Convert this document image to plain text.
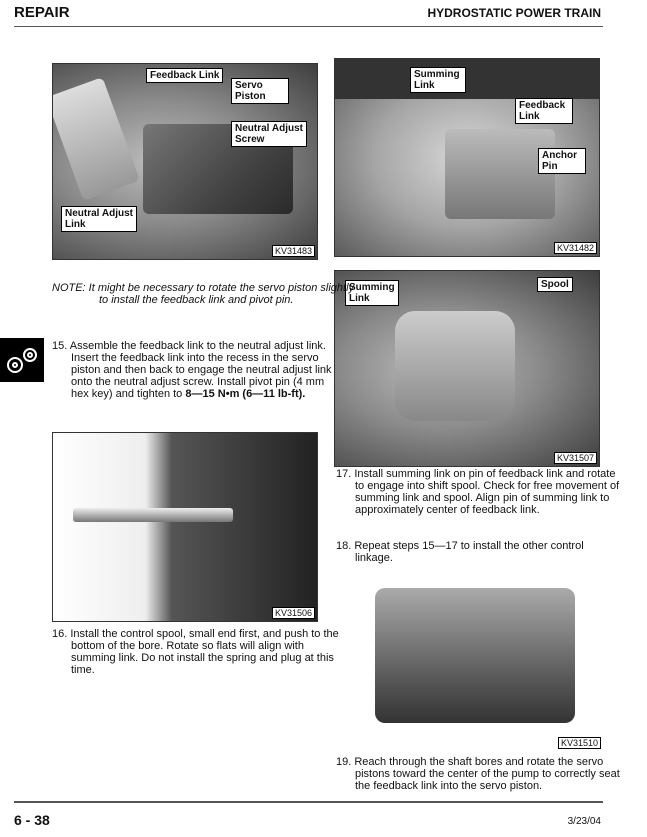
REPAIR	HYDROSTATIC POWER TRAIN
Feedback Link
Servo Piston
Neutral Adjust Screw
Neutral Adjust Link
KV31483
Summing Link
Feedback Link
Anchor Pin
KV31482
NOTE: It might be necessary to rotate the servo piston slightly to install the feedback link and pivot pin.
15. Assemble the feedback link to the neutral adjust link. Insert the feedback link into the recess in the servo piston and then back to engage the neutral adjust link onto the neutral adjust screw. Install pivot pin (4 mm hex key) and tighten to 8—15 N•m (6—11 lb-ft).
Summing Link
Spool
KV31507
17. Install summing link on pin of feedback link and rotate to engage into shift spool. Check for free movement of summing link and spool. Align pin of summing link to approximately center of feedback link.
18. Repeat steps 15—17 to install the other control linkage.
KV31506
16. Install the control spool, small end first, and push to the bottom of the bore. Rotate so flats will align with summing link. Do not install the spring and plug at this time.
KV31510
19. Reach through the shaft bores and rotate the servo pistons toward the center of the pump to correctly seat the feedback link into the servo piston.
6 - 38	3/23/04
